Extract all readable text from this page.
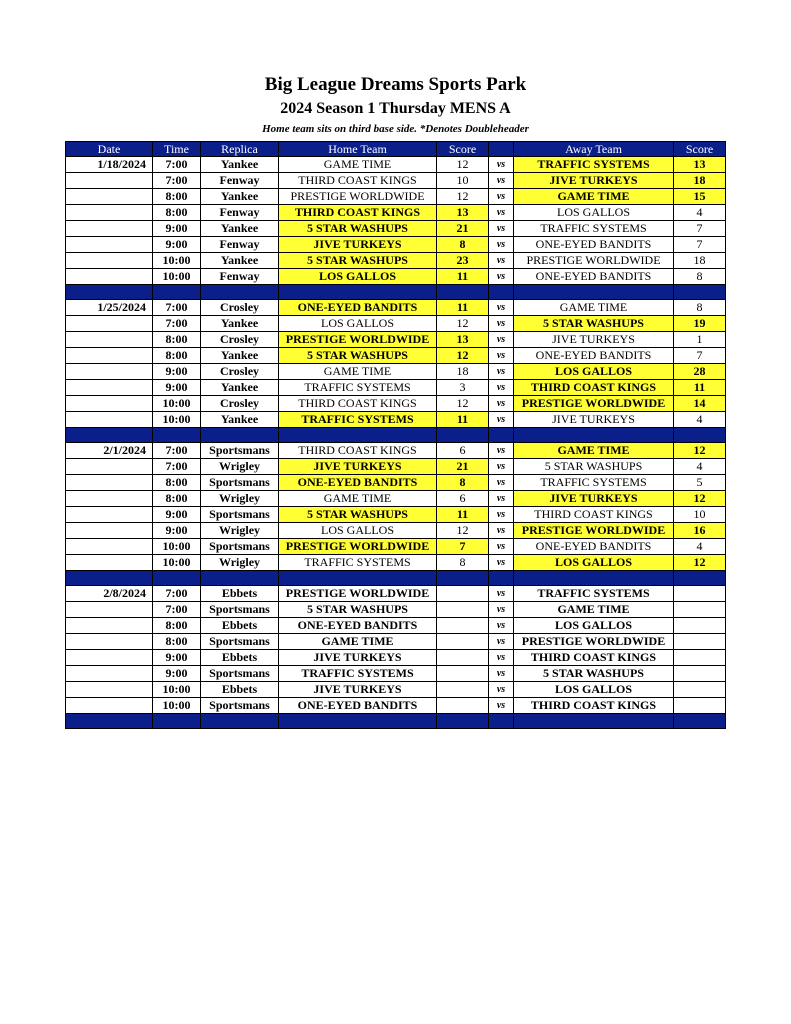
Big League Dreams Sports Park
2024 Season 1 Thursday MENS A
Home team sits on third base side. *Denotes Doubleheader
Date	Time	Replica	Home Team	Score		Away Team	Score
1/18/2024	7:00	Yankee	GAME TIME	12	vs	TRAFFIC SYSTEMS	13
	7:00	Fenway	THIRD COAST KINGS	10	vs	JIVE TURKEYS	18
	8:00	Yankee	PRESTIGE WORLDWIDE	12	vs	GAME TIME	15
	8:00	Fenway	THIRD COAST KINGS	13	vs	LOS GALLOS	4
	9:00	Yankee	5 STAR WASHUPS	21	vs	TRAFFIC SYSTEMS	7
	9:00	Fenway	JIVE TURKEYS	8	vs	ONE-EYED BANDITS	7
	10:00	Yankee	5 STAR WASHUPS	23	vs	PRESTIGE WORLDWIDE	18
	10:00	Fenway	LOS GALLOS	11	vs	ONE-EYED BANDITS	8

1/25/2024	7:00	Crosley	ONE-EYED BANDITS	11	vs	GAME TIME	8
	7:00	Yankee	LOS GALLOS	12	vs	5 STAR WASHUPS	19
	8:00	Crosley	PRESTIGE WORLDWIDE	13	vs	JIVE TURKEYS	1
	8:00	Yankee	5 STAR WASHUPS	12	vs	ONE-EYED BANDITS	7
	9:00	Crosley	GAME TIME	18	vs	LOS GALLOS	28
	9:00	Yankee	TRAFFIC SYSTEMS	3	vs	THIRD COAST KINGS	11
	10:00	Crosley	THIRD COAST KINGS	12	vs	PRESTIGE WORLDWIDE	14
	10:00	Yankee	TRAFFIC SYSTEMS	11	vs	JIVE TURKEYS	4

2/1/2024	7:00	Sportsmans	THIRD COAST KINGS	6	vs	GAME TIME	12
	7:00	Wrigley	JIVE TURKEYS	21	vs	5 STAR WASHUPS	4
	8:00	Sportsmans	ONE-EYED BANDITS	8	vs	TRAFFIC SYSTEMS	5
	8:00	Wrigley	GAME TIME	6	vs	JIVE TURKEYS	12
	9:00	Sportsmans	5 STAR WASHUPS	11	vs	THIRD COAST KINGS	10
	9:00	Wrigley	LOS GALLOS	12	vs	PRESTIGE WORLDWIDE	16
	10:00	Sportsmans	PRESTIGE WORLDWIDE	7	vs	ONE-EYED BANDITS	4
	10:00	Wrigley	TRAFFIC SYSTEMS	8	vs	LOS GALLOS	12

2/8/2024	7:00	Ebbets	PRESTIGE WORLDWIDE		vs	TRAFFIC SYSTEMS	
	7:00	Sportsmans	5 STAR WASHUPS		vs	GAME TIME	
	8:00	Ebbets	ONE-EYED BANDITS		vs	LOS GALLOS	
	8:00	Sportsmans	GAME TIME		vs	PRESTIGE WORLDWIDE	
	9:00	Ebbets	JIVE TURKEYS		vs	THIRD COAST KINGS	
	9:00	Sportsmans	TRAFFIC SYSTEMS		vs	5 STAR WASHUPS	
	10:00	Ebbets	JIVE TURKEYS		vs	LOS GALLOS	
	10:00	Sportsmans	ONE-EYED BANDITS		vs	THIRD COAST KINGS	
